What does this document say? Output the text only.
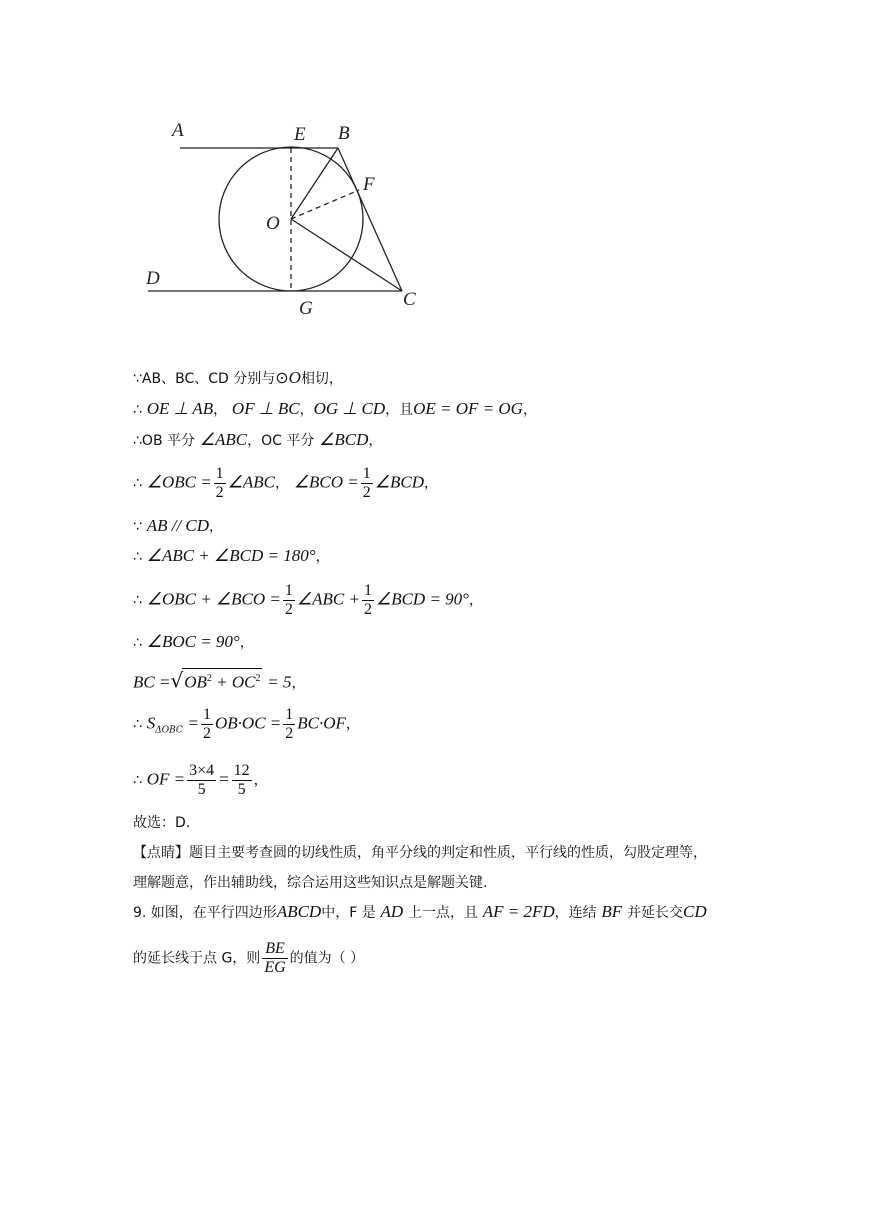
A	E B
F
O
D
G	C
∵AB、BC、CD 分别与⊙O相切，
∴ OE ⊥ AB， OF ⊥ BC，OG ⊥ CD，且OE = OF = OG，
∴OB 平分 ∠ABC，OC 平分 ∠BCD，
∴ ∠OBC = $\frac{1}{2}$ ∠ABC， ∠BCO = $\frac{1}{2}$ ∠BCD，
∵ AB // CD，
∴ ∠ABC + ∠BCD = 180°，
∴ ∠OBC + ∠BCO = $\frac{1}{2}$ ∠ABC + $\frac{1}{2}$ ∠BCD = 90°，
∴ ∠BOC = 90°，
BC $=√OB^2 + OC^2 = 5$，
∴ $S_{\Delta OBC} = \frac{1}{2} OB\cdot OC = \frac{1}{2} BC\cdot OF$，
∴ OF = $\frac{3\times 4}{5} = \frac{12}{5}$ ，
故选：D.
【点睛】题目主要考查圆的切线性质，角平分线的判定和性质，平行线的性质，勾股定理等，
理解题意，作出辅助线，综合运用这些知识点是解题关键.
9. 如图，在平行四边形ABCD中，F 是 AD 上一点，且 AF = 2FD，连结 BF 并延长交CD
的延长线于点 G，则 $\frac{BE}{EG}$ 的值为（ ）
